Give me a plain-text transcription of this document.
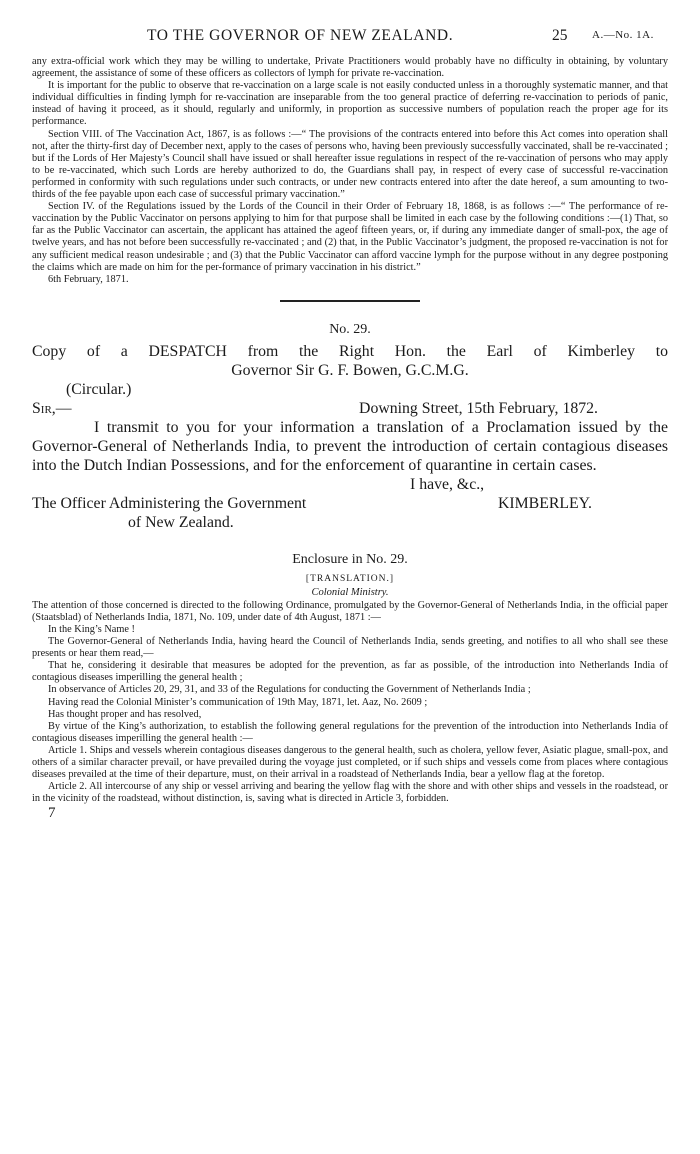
TO THE GOVERNOR OF NEW ZEALAND.	25 A.—No. 1A.

any extra-official work which they may be willing to undertake, Private Practitioners would probably have no difficulty in obtaining, by voluntary agreement, the assistance of some of these officers as collectors of lymph for private re-vaccination.

It is important for the public to observe that re-vaccination on a large scale is not easily conducted unless in a thoroughly systematic manner, and that individual difficulties in finding lymph for re-vaccination are inseparable from the too general practice of deferring re-vaccination to periods of panic, instead of having it proceed, as it should, regularly and uniformly, in proportion as successive numbers of population reach the proper age for its performance.

Section VIII. of The Vaccination Act, 1867, is as follows :—“ The provisions of the contracts entered into before this Act comes into operation shall not, after the thirty-first day of December next, apply to the cases of persons who, having been previously successfully vaccinated, shall be re-vaccinated ; but if the Lords of Her Majesty’s Council shall have issued or shall hereafter issue regulations in respect of the re-vaccination of persons who may apply to be re-vaccinated, which such Lords are hereby authorized to do, the Guardians shall pay, in respect of every case of successful re-vaccination performed in conformity with such regulations under such contracts, or under new contracts entered into after the date hereof, a sum amounting to two-thirds of the fee payable upon each case of successful primary vaccination.”

Section IV. of the Regulations issued by the Lords of the Council in their Order of February 18, 1868, is as follows :—“ The performance of re-vaccination by the Public Vaccinator on persons applying to him for that purpose shall be limited in each case by the following conditions :—(1) That, so far as the Public Vaccinator can ascertain, the applicant has attained the ageof fifteen years, or, if during any immediate danger of small-pox, the age of twelve years, and has not before been successfully re-vaccinated ; and (2) that, in the Public Vaccinator’s judgment, the proposed re-vaccination is not for any sufficient medical reason undesirable ; and (3) that the Public Vaccinator can afford vaccine lymph for the purpose without in any degree postponing the claims which are made on him for the per-formance of primary vaccination in his district.”

6th February, 1871.

No. 29.

Copy of a DESPATCH from the Right Hon. the Earl of Kimberley to

Governor Sir G. F. Bowen, G.C.M.G.

(Circular.)

Sir,—	Downing Street, 15th February, 1872.

I transmit to you for your information a translation of a Proclamation issued by the Governor-General of Netherlands India, to prevent the introduction of certain contagious diseases into the Dutch Indian Possessions, and for the enforcement of quarantine in certain cases.

I have, &c.,

The Officer Administering the Government	KIMBERLEY.

of New Zealand.

Enclosure in No. 29.
[TRANSLATION.]
Colonial Ministry.

The attention of those concerned is directed to the following Ordinance, promulgated by the Governor-General of Netherlands India, in the official paper (Staatsblad) of Netherlands India, 1871, No. 109, under date of 4th August, 1871 :—

In the King’s Name !

The Governor-General of Netherlands India, having heard the Council of Netherlands India, sends greeting, and notifies to all who shall see these presents or hear them read,—

That he, considering it desirable that measures be adopted for the prevention, as far as possible, of the introduction into Netherlands India of contagious diseases imperilling the general health ;

In observance of Articles 20, 29, 31, and 33 of the Regulations for conducting the Government of Netherlands India ;

Having read the Colonial Minister’s communication of 19th May, 1871, let. Aaz, No. 2609 ;

Has thought proper and has resolved,

By virtue of the King’s authorization, to establish the following general regulations for the prevention of the introduction into Netherlands India of contagious diseases imperilling the general health :—

Article 1. Ships and vessels wherein contagious diseases dangerous to the general health, such as cholera, yellow fever, Asiatic plague, small-pox, and others of a similar character prevail, or have prevailed during the voyage just completed, or if such ships and vessels come from places where contagious diseases prevailed at the time of their departure, must, on their arrival in a roadstead of Netherlands India, bear a yellow flag at the foretop.

Article 2. All intercourse of any ship or vessel arriving and bearing the yellow flag with the shore and with other ships and vessels in the roadstead, or in the vicinity of the roadstead, without distinction, is, saving what is directed in Article 3, forbidden.

7
